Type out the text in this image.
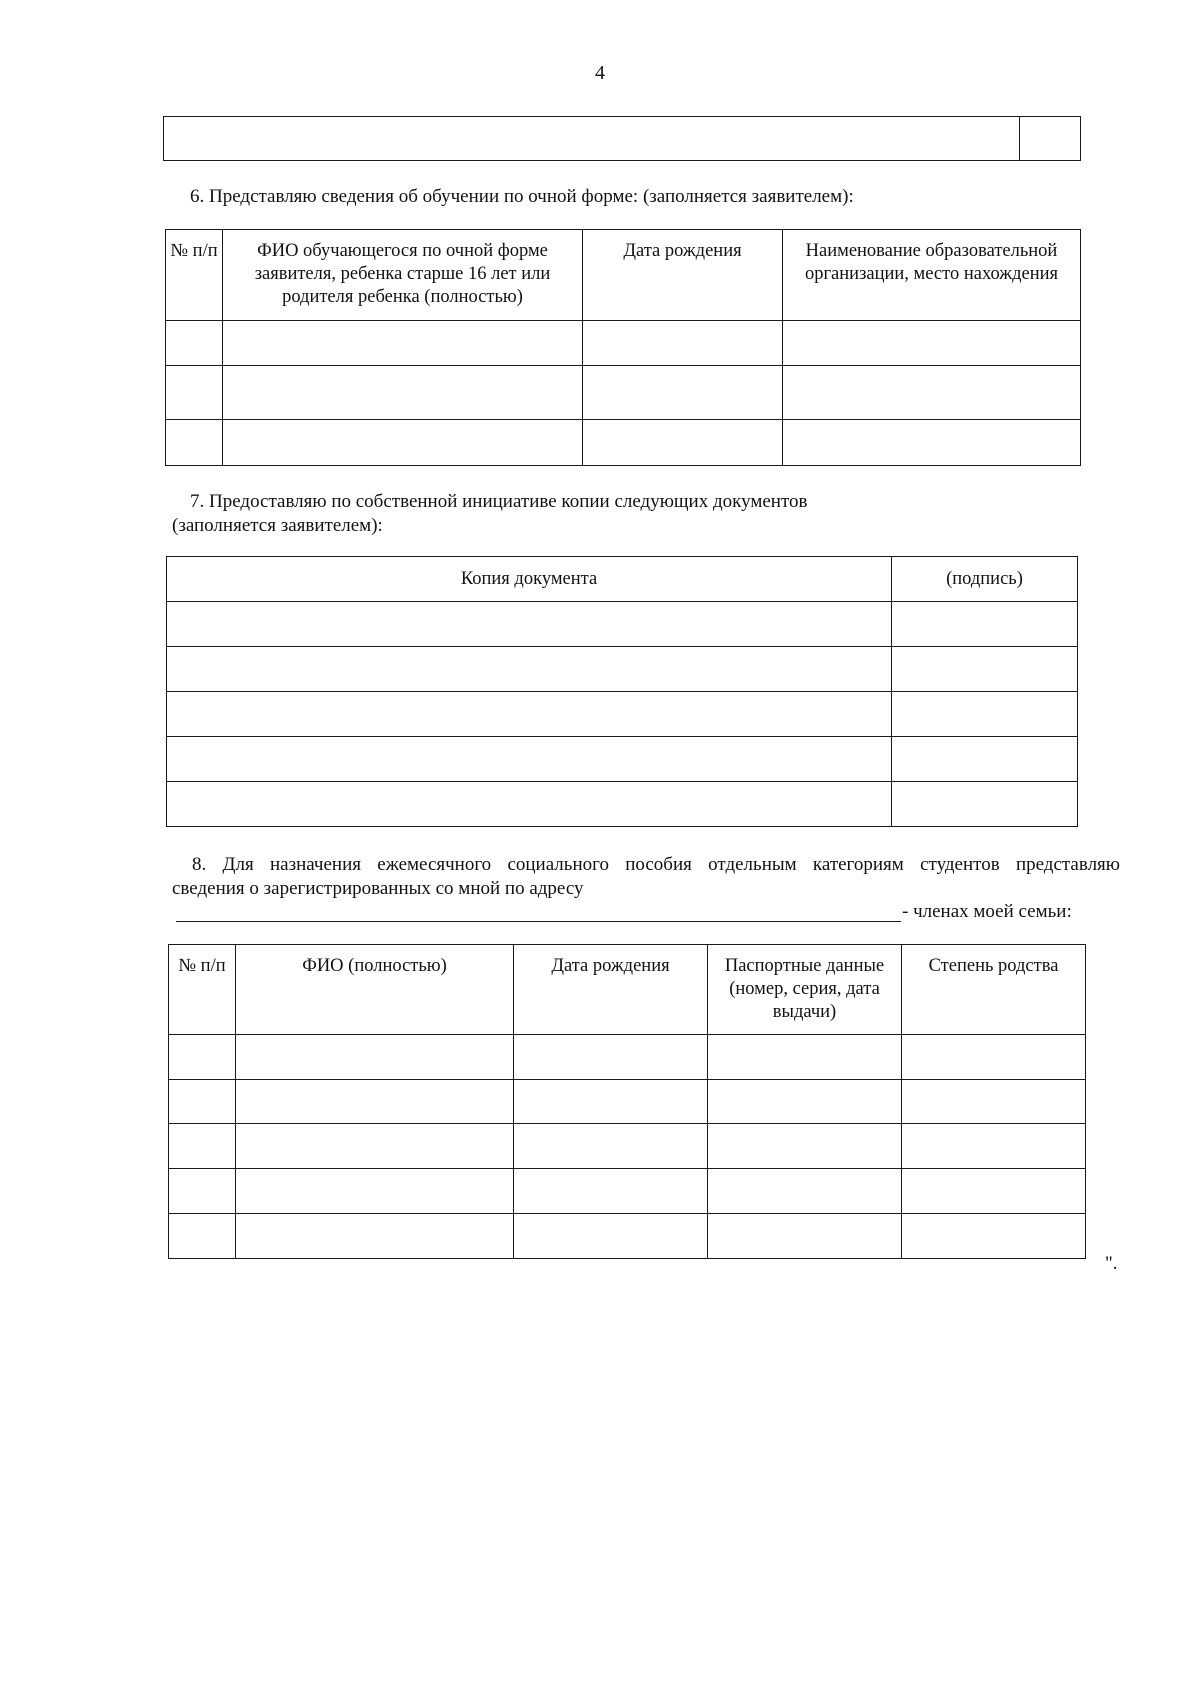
4

6. Представляю сведения об обучении по очной форме: (заполняется заявителем):
№ п/п	ФИО обучающегося по очной форме заявителя, ребенка старше 16 лет или родителя ребенка (полностью)	Дата рождения	Наименование образовательной организации, место нахождения

7. Предоставляю по собственной инициативе копии следующих документов
(заполняется заявителем):
Копия документа	(подпись)

8. Для назначения ежемесячного социального пособия отдельным категориям студентов представляю
сведения о зарегистрированных со мной по адресу
- членах моей семьи:
№ п/п	ФИО (полностью)	Дата рождения	Паспортные данные (номер, серия, дата выдачи)	Степень родства

".
